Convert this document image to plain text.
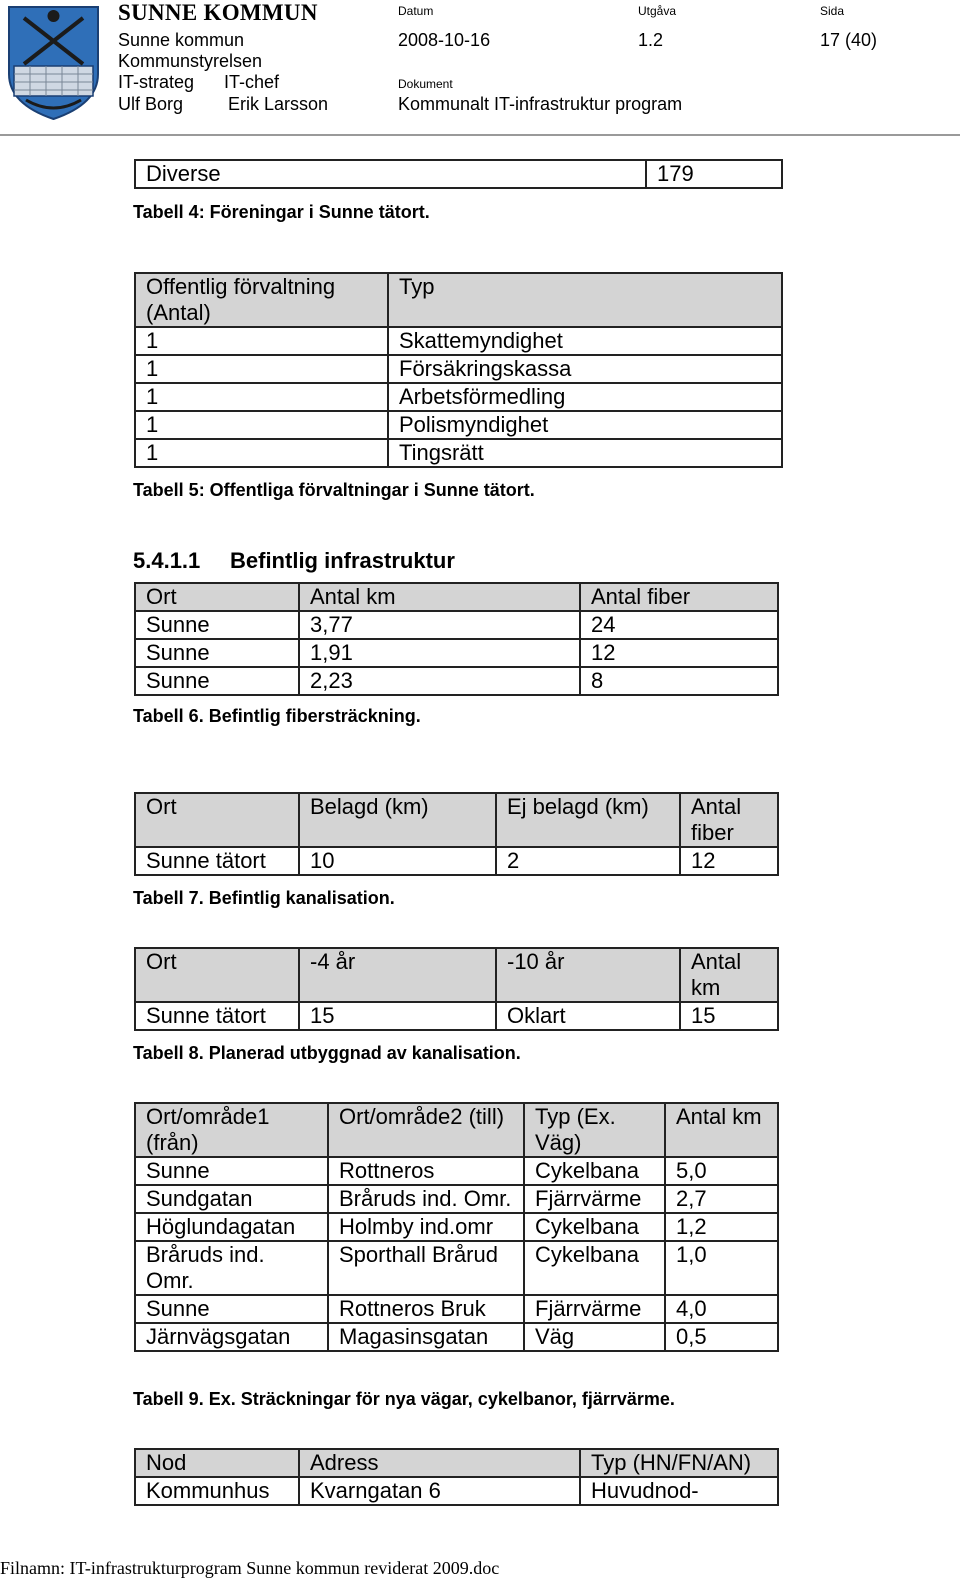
SUNNE KOMMUN
Sunne kommun
Kommunstyrelsen
IT-strateg IT-chef
Ulf Borg Erik Larsson
Datum
2008-10-16
Utgåva
1.2
Sida
17 (40)
Dokument
Kommunalt IT-infrastruktur program
Diverse	179
Tabell 4: Föreningar i Sunne tätort.
Offentlig förvaltning (Antal)	Typ
1	Skattemyndighet
1	Försäkringskassa
1	Arbetsförmedling
1	Polismyndighet
1	Tingsrätt
Tabell 5: Offentliga förvaltningar i Sunne tätort.
5.4.1.1 Befintlig infrastruktur
Ort	Antal km	Antal fiber
Sunne	3,77	24
Sunne	1,91	12
Sunne	2,23	8
Tabell 6. Befintlig fibersträckning.
Ort	Belagd (km)	Ej belagd (km)	Antal fiber
Sunne tätort	10	2	12
Tabell 7. Befintlig kanalisation.
Ort	-4 år	-10 år	Antal km
Sunne tätort	15	Oklart	15
Tabell 8. Planerad utbyggnad av kanalisation.
Ort/område1 (från)	Ort/område2 (till)	Typ (Ex. Väg)	Antal km
Sunne	Rottneros	Cykelbana	5,0
Sundgatan	Bråruds ind. Omr.	Fjärrvärme	2,7
Höglundagatan	Holmby ind.omr	Cykelbana	1,2
Bråruds ind. Omr.	Sporthall Brårud	Cykelbana	1,0
Sunne	Rottneros Bruk	Fjärrvärme	4,0
Järnvägsgatan	Magasinsgatan	Väg	0,5
Tabell 9. Ex. Sträckningar för nya vägar, cykelbanor, fjärrvärme.
Nod	Adress	Typ (HN/FN/AN)
Kommunhus	Kvarngatan 6	Huvudnod-
Filnamn: IT-infrastrukturprogram Sunne kommun reviderat 2009.doc
